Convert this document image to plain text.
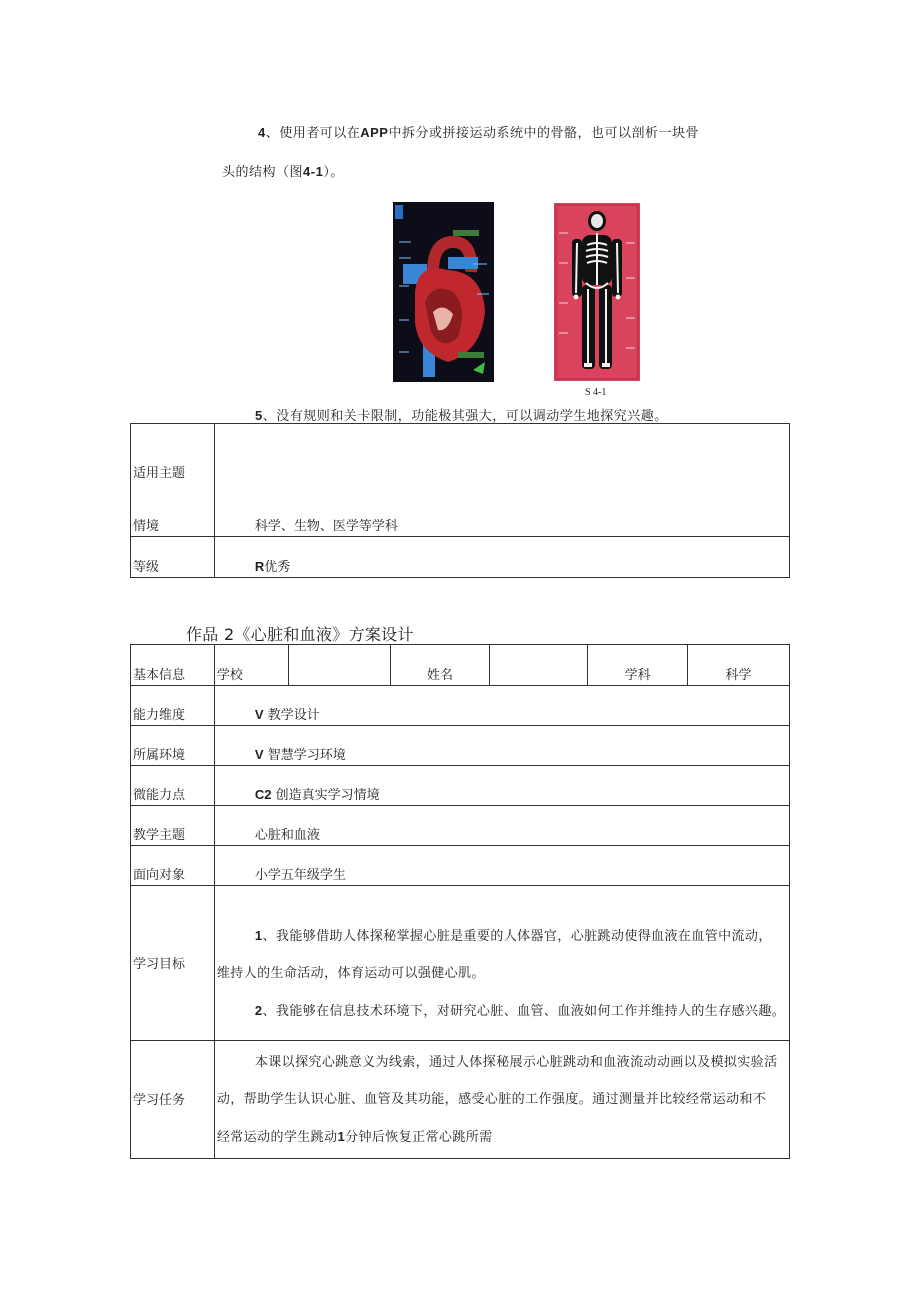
4、使用者可以在APP中拆分或拼接运动系统中的骨骼，也可以剖析一块骨
头的结构（图4-1）。
S 4-1
5、没有规则和关卡限制，功能极其强大，可以调动学生地探究兴趣。
适用主题
情境	科学、生物、医学等学科
等级	R优秀
作品 2《心脏和血液》方案设计
基本信息	学校		姓名		学科	科学
能力维度	V 教学设计					
所属环境	V 智慧学习环境					
微能力点	C2 创造真实学习情境					
教学主题	心脏和血液					
面向对象	小学五年级学生					
学习目标	1、我能够借助人体探秘掌握心脏是重要的人体器官，心脏跳动使得血液在血管中流动，
维持人的生命活动，体育运动可以强健心肌。
2、我能够在信息技术环境下，对研究心脏、血管、血液如何工作并维持人的生存感兴趣。					

学习任务	本课以探究心跳意义为线索，通过人体探秘展示心脏跳动和血液流动动画以及模拟实验活
动，帮助学生认识心脏、血管及其功能，感受心脏的工作强度。通过测量并比较经常运动和不
经常运动的学生跳动1分钟后恢复正常心跳所需					
